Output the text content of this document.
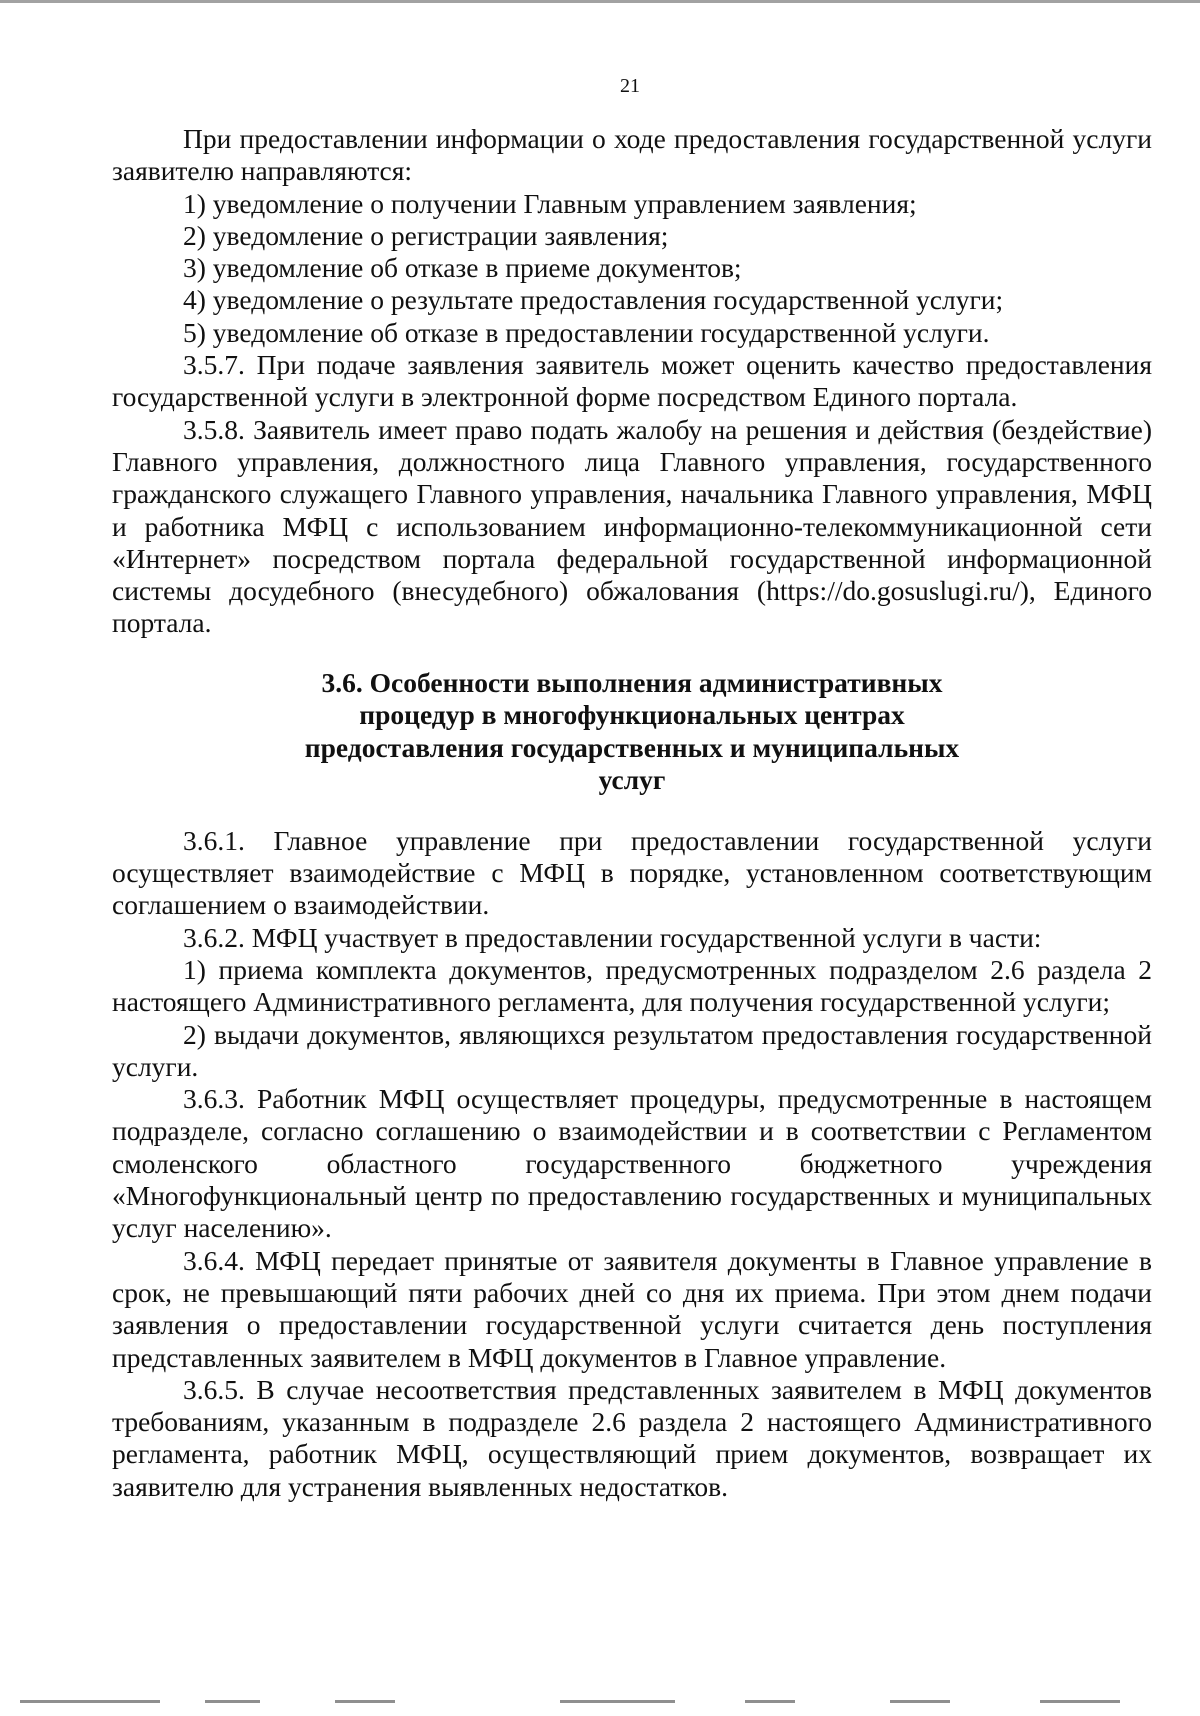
21

При предоставлении информации о ходе предоставления государственной услуги заявителю направляются:

1) уведомление о получении Главным управлением заявления;

2) уведомление о регистрации заявления;

3) уведомление об отказе в приеме документов;

4) уведомление о результате предоставления государственной услуги;

5) уведомление об отказе в предоставлении государственной услуги.

3.5.7. При подаче заявления заявитель может оценить качество предоставления государственной услуги в электронной форме посредством Единого портала.

3.5.8. Заявитель имеет право подать жалобу на решения и действия (бездействие) Главного управления, должностного лица Главного управления, государственного гражданского служащего Главного управления, начальника Главного управления, МФЦ и работника МФЦ с использованием информационно-телекоммуникационной сети «Интернет» посредством портала федеральной государственной информационной системы досудебного (внесудебного) обжалования (https://do.gosuslugi.ru/), Единого портала.

3.6. Особенности выполнения административных
процедур в многофункциональных центрах
предоставления государственных и муниципальных
услуг

3.6.1. Главное управление при предоставлении государственной услуги осуществляет взаимодействие с МФЦ в порядке, установленном соответствующим соглашением о взаимодействии.

3.6.2. МФЦ участвует в предоставлении государственной услуги в части:

1) приема комплекта документов, предусмотренных подразделом 2.6 раздела 2 настоящего Административного регламента, для получения государственной услуги;

2) выдачи документов, являющихся результатом предоставления государственной услуги.

3.6.3. Работник МФЦ осуществляет процедуры, предусмотренные в настоящем подразделе, согласно соглашению о взаимодействии и в соответствии с Регламентом смоленского областного государственного бюджетного учреждения «Многофункциональный центр по предоставлению государственных и муниципальных услуг населению».

3.6.4. МФЦ передает принятые от заявителя документы в Главное управление в срок, не превышающий пяти рабочих дней со дня их приема. При этом днем подачи заявления о предоставлении государственной услуги считается день поступления представленных заявителем в МФЦ документов в Главное управление.

3.6.5. В случае несоответствия представленных заявителем в МФЦ документов требованиям, указанным в подразделе 2.6 раздела 2 настоящего Административного регламента, работник МФЦ, осуществляющий прием документов, возвращает их заявителю для устранения выявленных недостатков.
